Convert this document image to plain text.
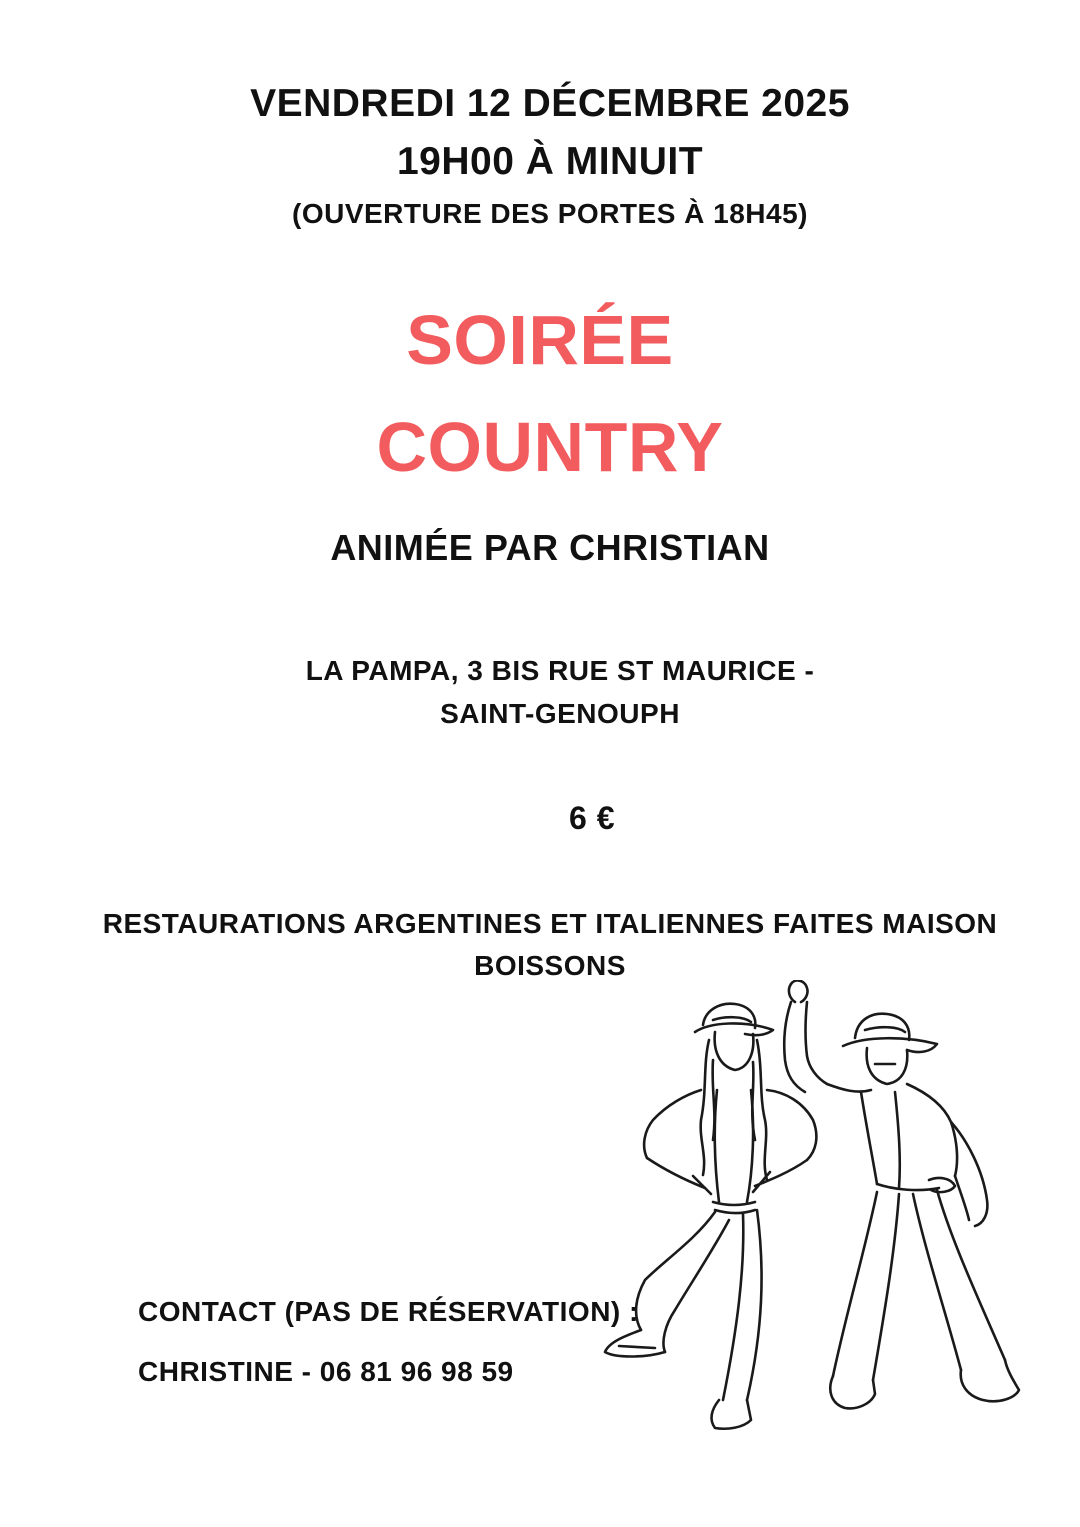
VENDREDI 12 DÉCEMBRE 2025

19H00 À MINUIT

(OUVERTURE DES PORTES À 18H45)

SOIRÉE

COUNTRY

ANIMÉE PAR CHRISTIAN

LA PAMPA, 3 BIS RUE ST MAURICE -

SAINT-GENOUPH

6 €

RESTAURATIONS ARGENTINES ET ITALIENNES FAITES MAISON

BOISSONS

CONTACT (PAS DE RÉSERVATION) :

CHRISTINE - 06 81 96 98 59
